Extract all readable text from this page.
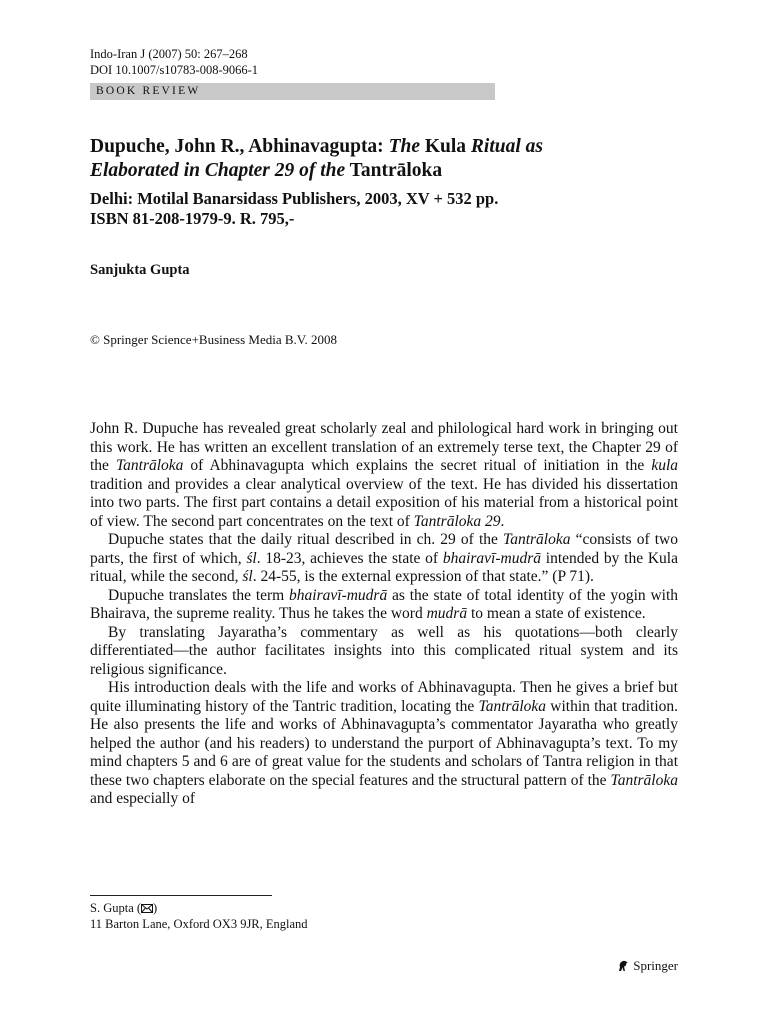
Indo-Iran J (2007) 50: 267–268
DOI 10.1007/s10783-008-9066-1
BOOK REVIEW
Dupuche, John R., Abhinavagupta: The Kula Ritual as
Elaborated in Chapter 29 of the Tantrāloka
Delhi: Motilal Banarsidass Publishers, 2003, XV + 532 pp.
ISBN 81-208-1979-9. R. 795,-
Sanjukta Gupta
© Springer Science+Business Media B.V. 2008

John R. Dupuche has revealed great scholarly zeal and philological hard work in bringing out this work. He has written an excellent translation of an extremely terse text, the Chapter 29 of the Tantrāloka of Abhinavagupta which explains the secret ritual of initiation in the kula tradition and provides a clear analytical overview of the text. He has divided his dissertation into two parts. The first part contains a detail exposition of his material from a historical point of view. The second part concentrates on the text of Tantrāloka 29.

Dupuche states that the daily ritual described in ch. 29 of the Tantrāloka “consists of two parts, the first of which, śl. 18-23, achieves the state of bhairavī-mudrā intended by the Kula ritual, while the second, śl. 24-55, is the external expression of that state.” (P 71).

Dupuche translates the term bhairavī-mudrā as the state of total identity of the yogin with Bhairava, the supreme reality. Thus he takes the word mudrā to mean a state of existence.

By translating Jayaratha’s commentary as well as his quotations—both clearly differentiated—the author facilitates insights into this complicated ritual system and its religious significance.

His introduction deals with the life and works of Abhinavagupta. Then he gives a brief but quite illuminating history of the Tantric tradition, locating the Tantrāloka within that tradition. He also presents the life and works of Abhinavagupta’s commentator Jayaratha who greatly helped the author (and his readers) to understand the purport of Abhinavagupta’s text. To my mind chapters 5 and 6 are of great value for the students and scholars of Tantra religion in that these two chapters elaborate on the special features and the structural pattern of the Tantrāloka and especially of

S. Gupta ( )
11 Barton Lane, Oxford OX3 9JR, England
Springer
